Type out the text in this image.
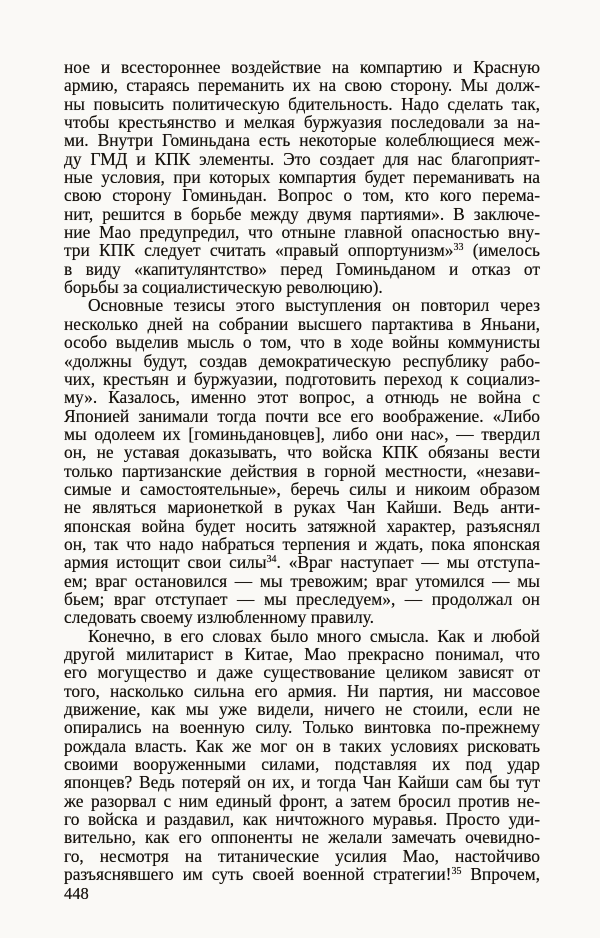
ное и всестороннее воздействие на компартию и Красную
армию, стараясь переманить их на свою сторону. Мы долж-
ны повысить политическую бдительность. Надо сделать так,
чтобы крестьянство и мелкая буржуазия последовали за на-
ми. Внутри Гоминьдана есть некоторые колеблющиеся меж-
ду ГМД и КПК элементы. Это создает для нас благоприят-
ные условия, при которых компартия будет переманивать на
свою сторону Гоминьдан. Вопрос о том, кто кого перема-
нит, решится в борьбе между двумя партиями». В заключе-
ние Мао предупредил, что отныне главной опасностью вну-
три КПК следует считать «правый оппортунизм»$^{33}$ (имелось
в виду «капитулянтство» перед Гоминьданом и отказ от
борьбы за социалистическую революцию).
Основные тезисы этого выступления он повторил через
несколько дней на собрании высшего партактива в Яньани,
особо выделив мысль о том, что в ходе войны коммунисты
«должны будут, создав демократическую республику рабо-
чих, крестьян и буржуазии, подготовить переход к социализ-
му». Казалось, именно этот вопрос, а отнюдь не война с
Японией занимали тогда почти все его воображение. «Либо
мы одолеем их [гоминьдановцев], либо они нас», — твердил
он, не уставая доказывать, что войска КПК обязаны вести
только партизанские действия в горной местности, «незави-
симые и самостоятельные», беречь силы и никоим образом
не являться марионеткой в руках Чан Кайши. Ведь анти-
японская война будет носить затяжной характер, разъяснял
он, так что надо набраться терпения и ждать, пока японская
армия истощит свои силы$^{34}$. «Враг наступает — мы отступа-
ем; враг остановился — мы тревожим; враг утомился — мы
бьем; враг отступает — мы преследуем», — продолжал он
следовать своему излюбленному правилу.
Конечно, в его словах было много смысла. Как и любой
другой милитарист в Китае, Мао прекрасно понимал, что
его могущество и даже существование целиком зависят от
того, насколько сильна его армия. Ни партия, ни массовое
движение, как мы уже видели, ничего не стоили, если не
опирались на военную силу. Только винтовка по-прежнему
рождала власть. Как же мог он в таких условиях рисковать
своими вооруженными силами, подставляя их под удар
японцев? Ведь потеряй он их, и тогда Чан Кайши сам бы тут
же разорвал с ним единый фронт, а затем бросил против не-
го войска и раздавил, как ничтожного муравья. Просто уди-
вительно, как его оппоненты не желали замечать очевидно-
го, несмотря на титанические усилия Мао, настойчиво
разъяснявшего им суть своей военной стратегии!$^{35}$ Впрочем,
448
